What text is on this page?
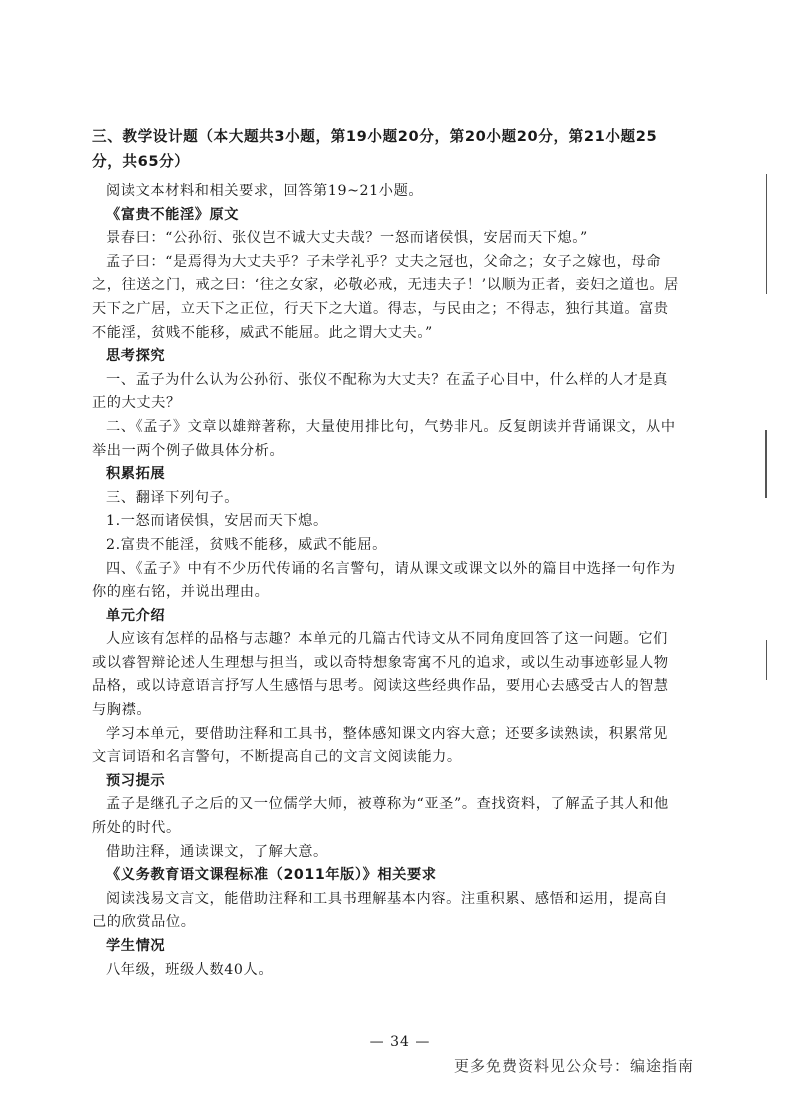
三、教学设计题（本大题共3小题，第19小题20分，第20小题20分，第21小题25分，共65分）

阅读文本材料和相关要求，回答第19~21小题。

《富贵不能淫》原文

景春曰：“公孙衍、张仪岂不诚大丈夫哉？一怒而诸侯惧，安居而天下熄。”

孟子曰：“是焉得为大丈夫乎？子未学礼乎？丈夫之冠也，父命之；女子之嫁也，母命之，往送之门，戒之曰：‘往之女家，必敬必戒，无违夫子！’以顺为正者，妾妇之道也。居天下之广居，立天下之正位，行天下之大道。得志，与民由之；不得志，独行其道。富贵不能淫，贫贱不能移，威武不能屈。此之谓大丈夫。”

思考探究

一、孟子为什么认为公孙衍、张仪不配称为大丈夫？在孟子心目中，什么样的人才是真正的大丈夫？

二、《孟子》文章以雄辩著称，大量使用排比句，气势非凡。反复朗读并背诵课文，从中举出一两个例子做具体分析。

积累拓展

三、翻译下列句子。

1.一怒而诸侯惧，安居而天下熄。

2.富贵不能淫，贫贱不能移，威武不能屈。

四、《孟子》中有不少历代传诵的名言警句，请从课文或课文以外的篇目中选择一句作为你的座右铭，并说出理由。

单元介绍

人应该有怎样的品格与志趣？本单元的几篇古代诗文从不同角度回答了这一问题。它们或以睿智辩论述人生理想与担当，或以奇特想象寄寓不凡的追求，或以生动事迹彰显人物品格，或以诗意语言抒写人生感悟与思考。阅读这些经典作品，要用心去感受古人的智慧与胸襟。

学习本单元，要借助注释和工具书，整体感知课文内容大意；还要多读熟读，积累常见文言词语和名言警句，不断提高自己的文言文阅读能力。

预习提示

孟子是继孔子之后的又一位儒学大师，被尊称为“亚圣”。查找资料，了解孟子其人和他所处的时代。

借助注释，通读课文，了解大意。

《义务教育语文课程标准（2011年版）》相关要求

阅读浅易文言文，能借助注释和工具书理解基本内容。注重积累、感悟和运用，提高自己的欣赏品位。

学生情况

八年级，班级人数40人。

— 34 —
更多免费资料见公众号：编途指南
